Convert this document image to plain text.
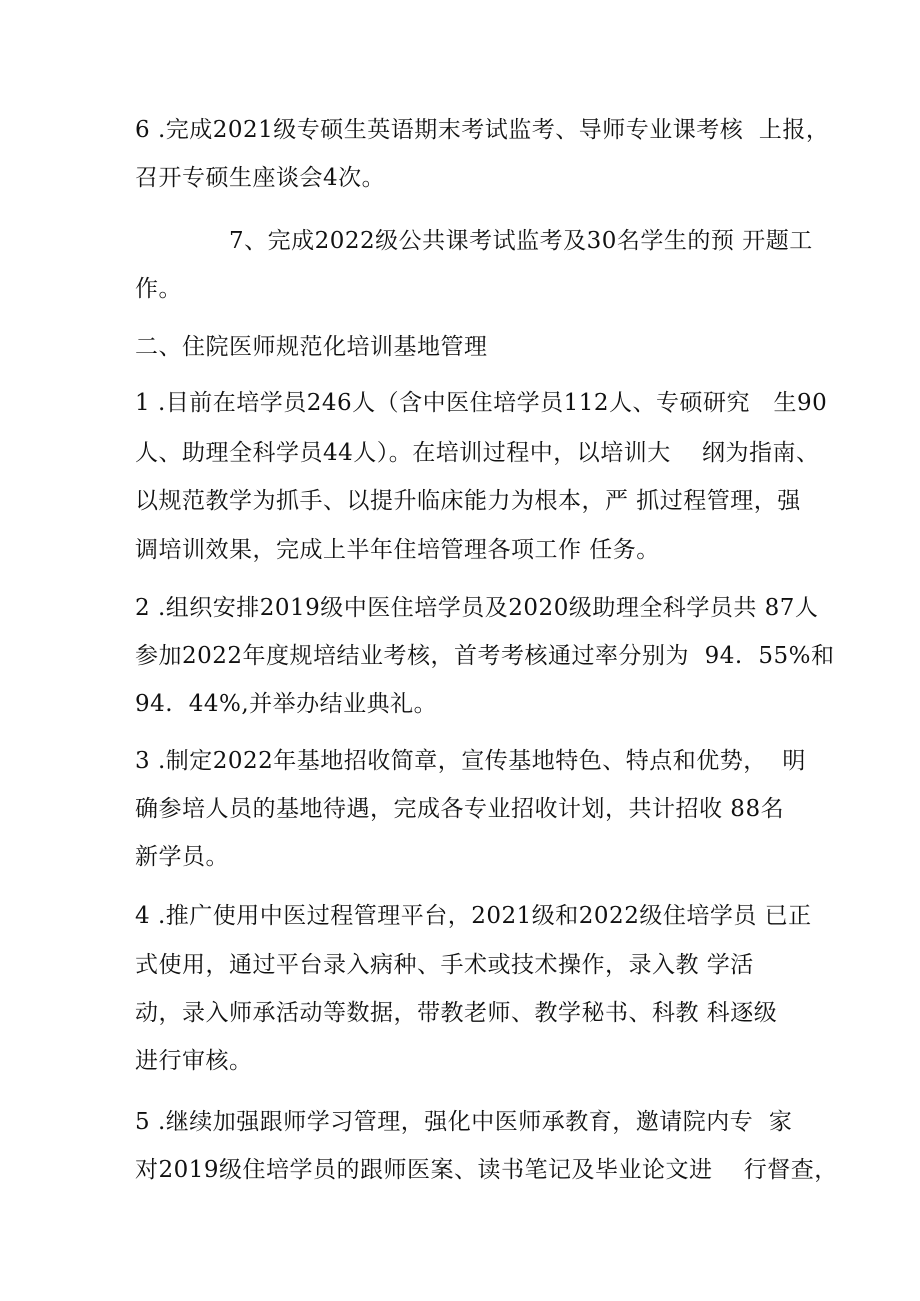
6 .完成2021级专硕生英语期末考试监考、导师专业课考核  上报，
召开专硕生座谈会4次。
7、完成2022级公共课考试监考及30名学生的预 开题工
作。
二、住院医师规范化培训基地管理
1 .目前在培学员246人（含中医住培学员112人、专硕研究   生90
人、助理全科学员44人）。在培训过程中，以培训大    纲为指南、
以规范教学为抓手、以提升临床能力为根本，严 抓过程管理，强
调培训效果，完成上半年住培管理各项工作 任务。
2 .组织安排2019级中医住培学员及2020级助理全科学员共 87人
参加2022年度规培结业考核，首考考核通过率分别为  94.  55%和
94.  44%,并举办结业典礼。
3 .制定2022年基地招收简章，宣传基地特色、特点和优势，  明
确参培人员的基地待遇，完成各专业招收计划，共计招收 88名
新学员。
4 .推广使用中医过程管理平台，2021级和2022级住培学员 已正
式使用，通过平台录入病种、手术或技术操作，录入教 学活
动，录入师承活动等数据，带教老师、教学秘书、科教 科逐级
进行审核。
5 .继续加强跟师学习管理，强化中医师承教育，邀请院内专  家
对2019级住培学员的跟师医案、读书笔记及毕业论文进    行督查，
